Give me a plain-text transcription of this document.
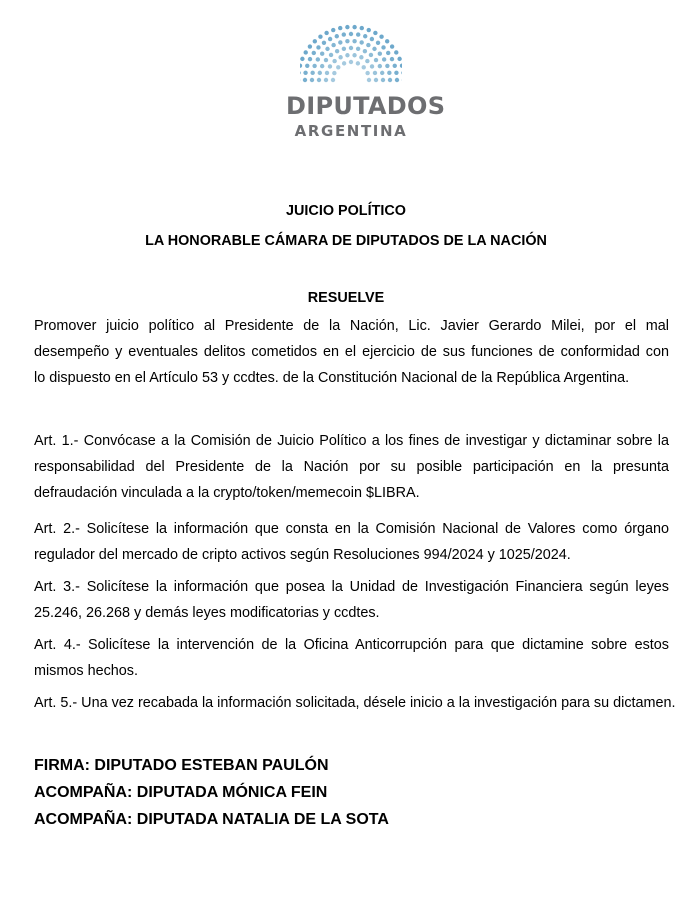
DIPUTADOS
ARGENTINA
JUICIO POLÍTICO
LA HONORABLE CÁMARA DE DIPUTADOS DE LA NACIÓN
RESUELVE
Promover juicio político al Presidente de la Nación, Lic. Javier Gerardo Milei, por el mal
desempeño y eventuales delitos cometidos en el ejercicio de sus funciones de conformidad con
lo dispuesto en el Artículo 53 y ccdtes. de la Constitución Nacional de la República Argentina.
Art. 1.- Convócase a la Comisión de Juicio Político a los fines de investigar y dictaminar sobre la
responsabilidad del Presidente de la Nación por su posible participación en la presunta
defraudación vinculada a la crypto/token/memecoin $LIBRA.
Art. 2.- Solicítese la información que consta en la Comisión Nacional de Valores como órgano
regulador del mercado de cripto activos según Resoluciones 994/2024 y 1025/2024.
Art. 3.- Solicítese la información que posea la Unidad de Investigación Financiera según leyes
25.246, 26.268 y demás leyes modificatorias y ccdtes.
Art. 4.- Solicítese la intervención de la Oficina Anticorrupción para que dictamine sobre estos
mismos hechos.
Art. 5.- Una vez recabada la información solicitada, désele inicio a la investigación para su dictamen.
FIRMA: DIPUTADO ESTEBAN PAULÓN
ACOMPAÑA: DIPUTADA MÓNICA FEIN
ACOMPAÑA: DIPUTADA NATALIA DE LA SOTA
